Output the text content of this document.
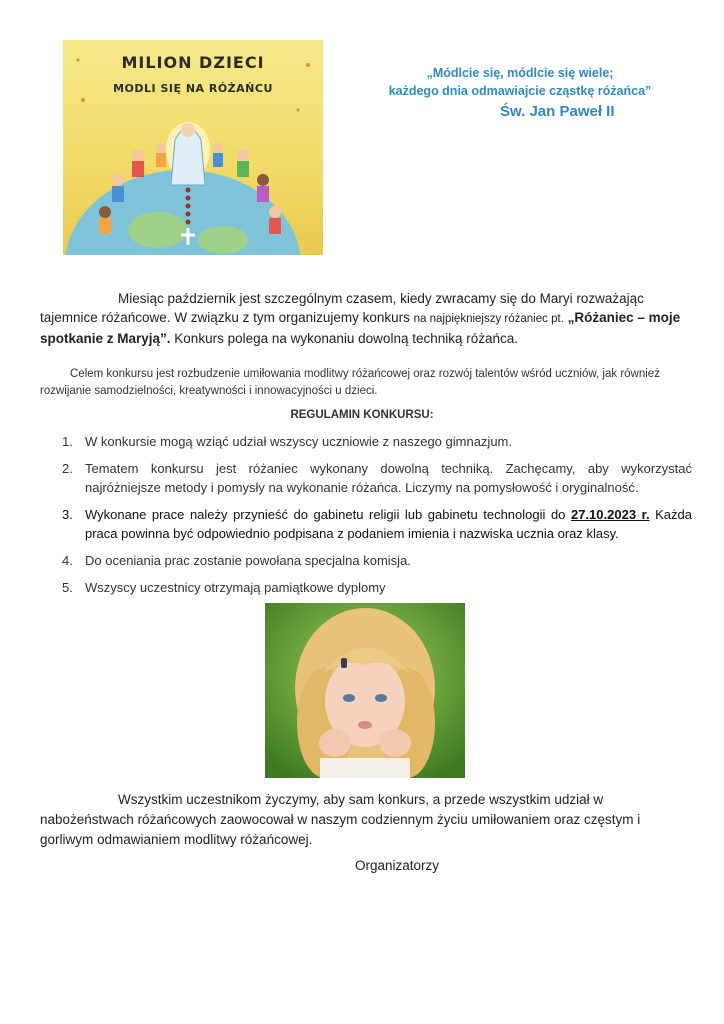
MILION DZIECI
MODLI SIĘ NA RÓŻAŃCU
„Módlcie się, módlcie się wiele;
każdego dnia odmawiajcie cząstkę różańca”
Św. Jan Paweł II
Miesiąc październik jest szczególnym czasem, kiedy zwracamy się do Maryi rozważając tajemnice różańcowe. W związku z tym organizujemy konkurs na najpiękniejszy różaniec pt. „Różaniec – moje spotkanie z Maryją”. Konkurs polega na wykonaniu dowolną techniką różańca.
Celem konkursu jest rozbudzenie umiłowania modlitwy różańcowej oraz rozwój talentów wśród uczniów, jak również rozwijanie samodzielności, kreatywności i innowacyjności u dzieci.
REGULAMIN KONKURSU:
1. W konkursie mogą wziąć udział wszyscy uczniowie z naszego gimnazjum.
2. Tematem konkursu jest różaniec wykonany dowolną techniką. Zachęcamy, aby wykorzystać najróżniejsze metody i pomysły na wykonanie różańca. Liczymy na pomysłowość i oryginalność.
3. Wykonane prace należy przynieść do gabinetu religii lub gabinetu technologii do 27.10.2023 r. Każda praca powinna być odpowiednio podpisana z podaniem imienia i nazwiska ucznia oraz klasy.
4. Do oceniania prac zostanie powołana specjalna komisja.
5. Wszyscy uczestnicy otrzymają pamiątkowe dyplomy
Wszystkim uczestnikom życzymy, aby sam konkurs, a przede wszystkim udział w nabożeństwach różańcowych zaowocował w naszym codziennym życiu umiłowaniem oraz częstym i gorliwym odmawianiem modlitwy różańcowej.
Organizatorzy
